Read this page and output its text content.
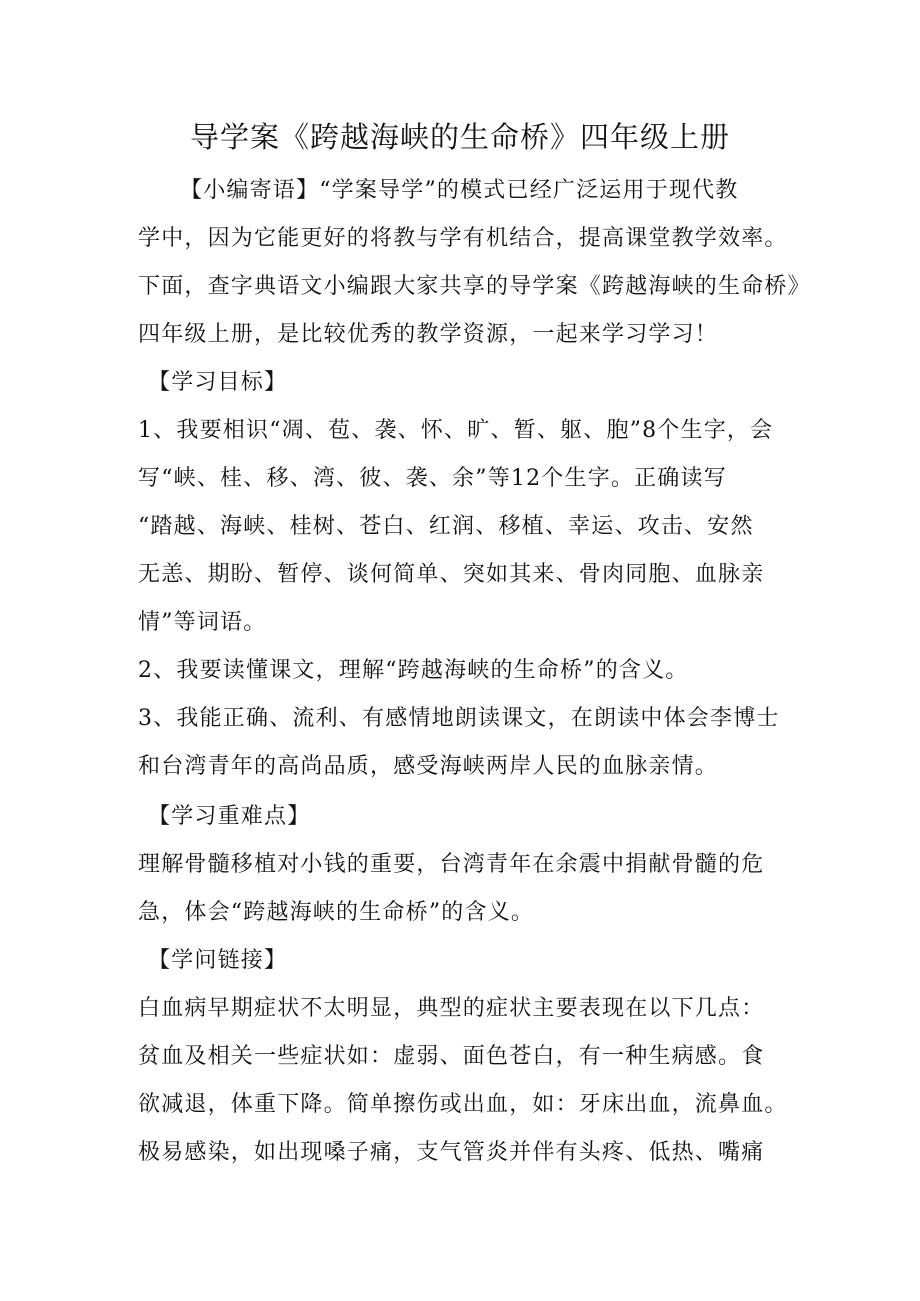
导学案《跨越海峡的生命桥》四年级上册
【小编寄语】“学案导学”的模式已经广泛运用于现代教
学中，因为它能更好的将教与学有机结合，提高课堂教学效率。
下面，查字典语文小编跟大家共享的导学案《跨越海峡的生命桥》
四年级上册，是比较优秀的教学资源，一起来学习学习！
【学习目标】
1、我要相识“凋、苞、袭、怀、旷、暂、躯、胞”8个生字，会
写“峡、桂、移、湾、彼、袭、余”等12个生字。正确读写
“踏越、海峡、桂树、苍白、红润、移植、幸运、攻击、安然
无恙、期盼、暂停、谈何简单、突如其来、骨肉同胞、血脉亲
情”等词语。
2、我要读懂课文，理解“跨越海峡的生命桥”的含义。
3、我能正确、流利、有感情地朗读课文，在朗读中体会李博士
和台湾青年的高尚品质，感受海峡两岸人民的血脉亲情。
【学习重难点】
理解骨髓移植对小钱的重要，台湾青年在余震中捐献骨髓的危
急，体会“跨越海峡的生命桥”的含义。
【学问链接】
白血病早期症状不太明显，典型的症状主要表现在以下几点：
贫血及相关一些症状如：虚弱、面色苍白，有一种生病感。食
欲减退，体重下降。简单擦伤或出血，如：牙床出血，流鼻血。
极易感染，如出现嗓子痛，支气管炎并伴有头疼、低热、嘴痛
